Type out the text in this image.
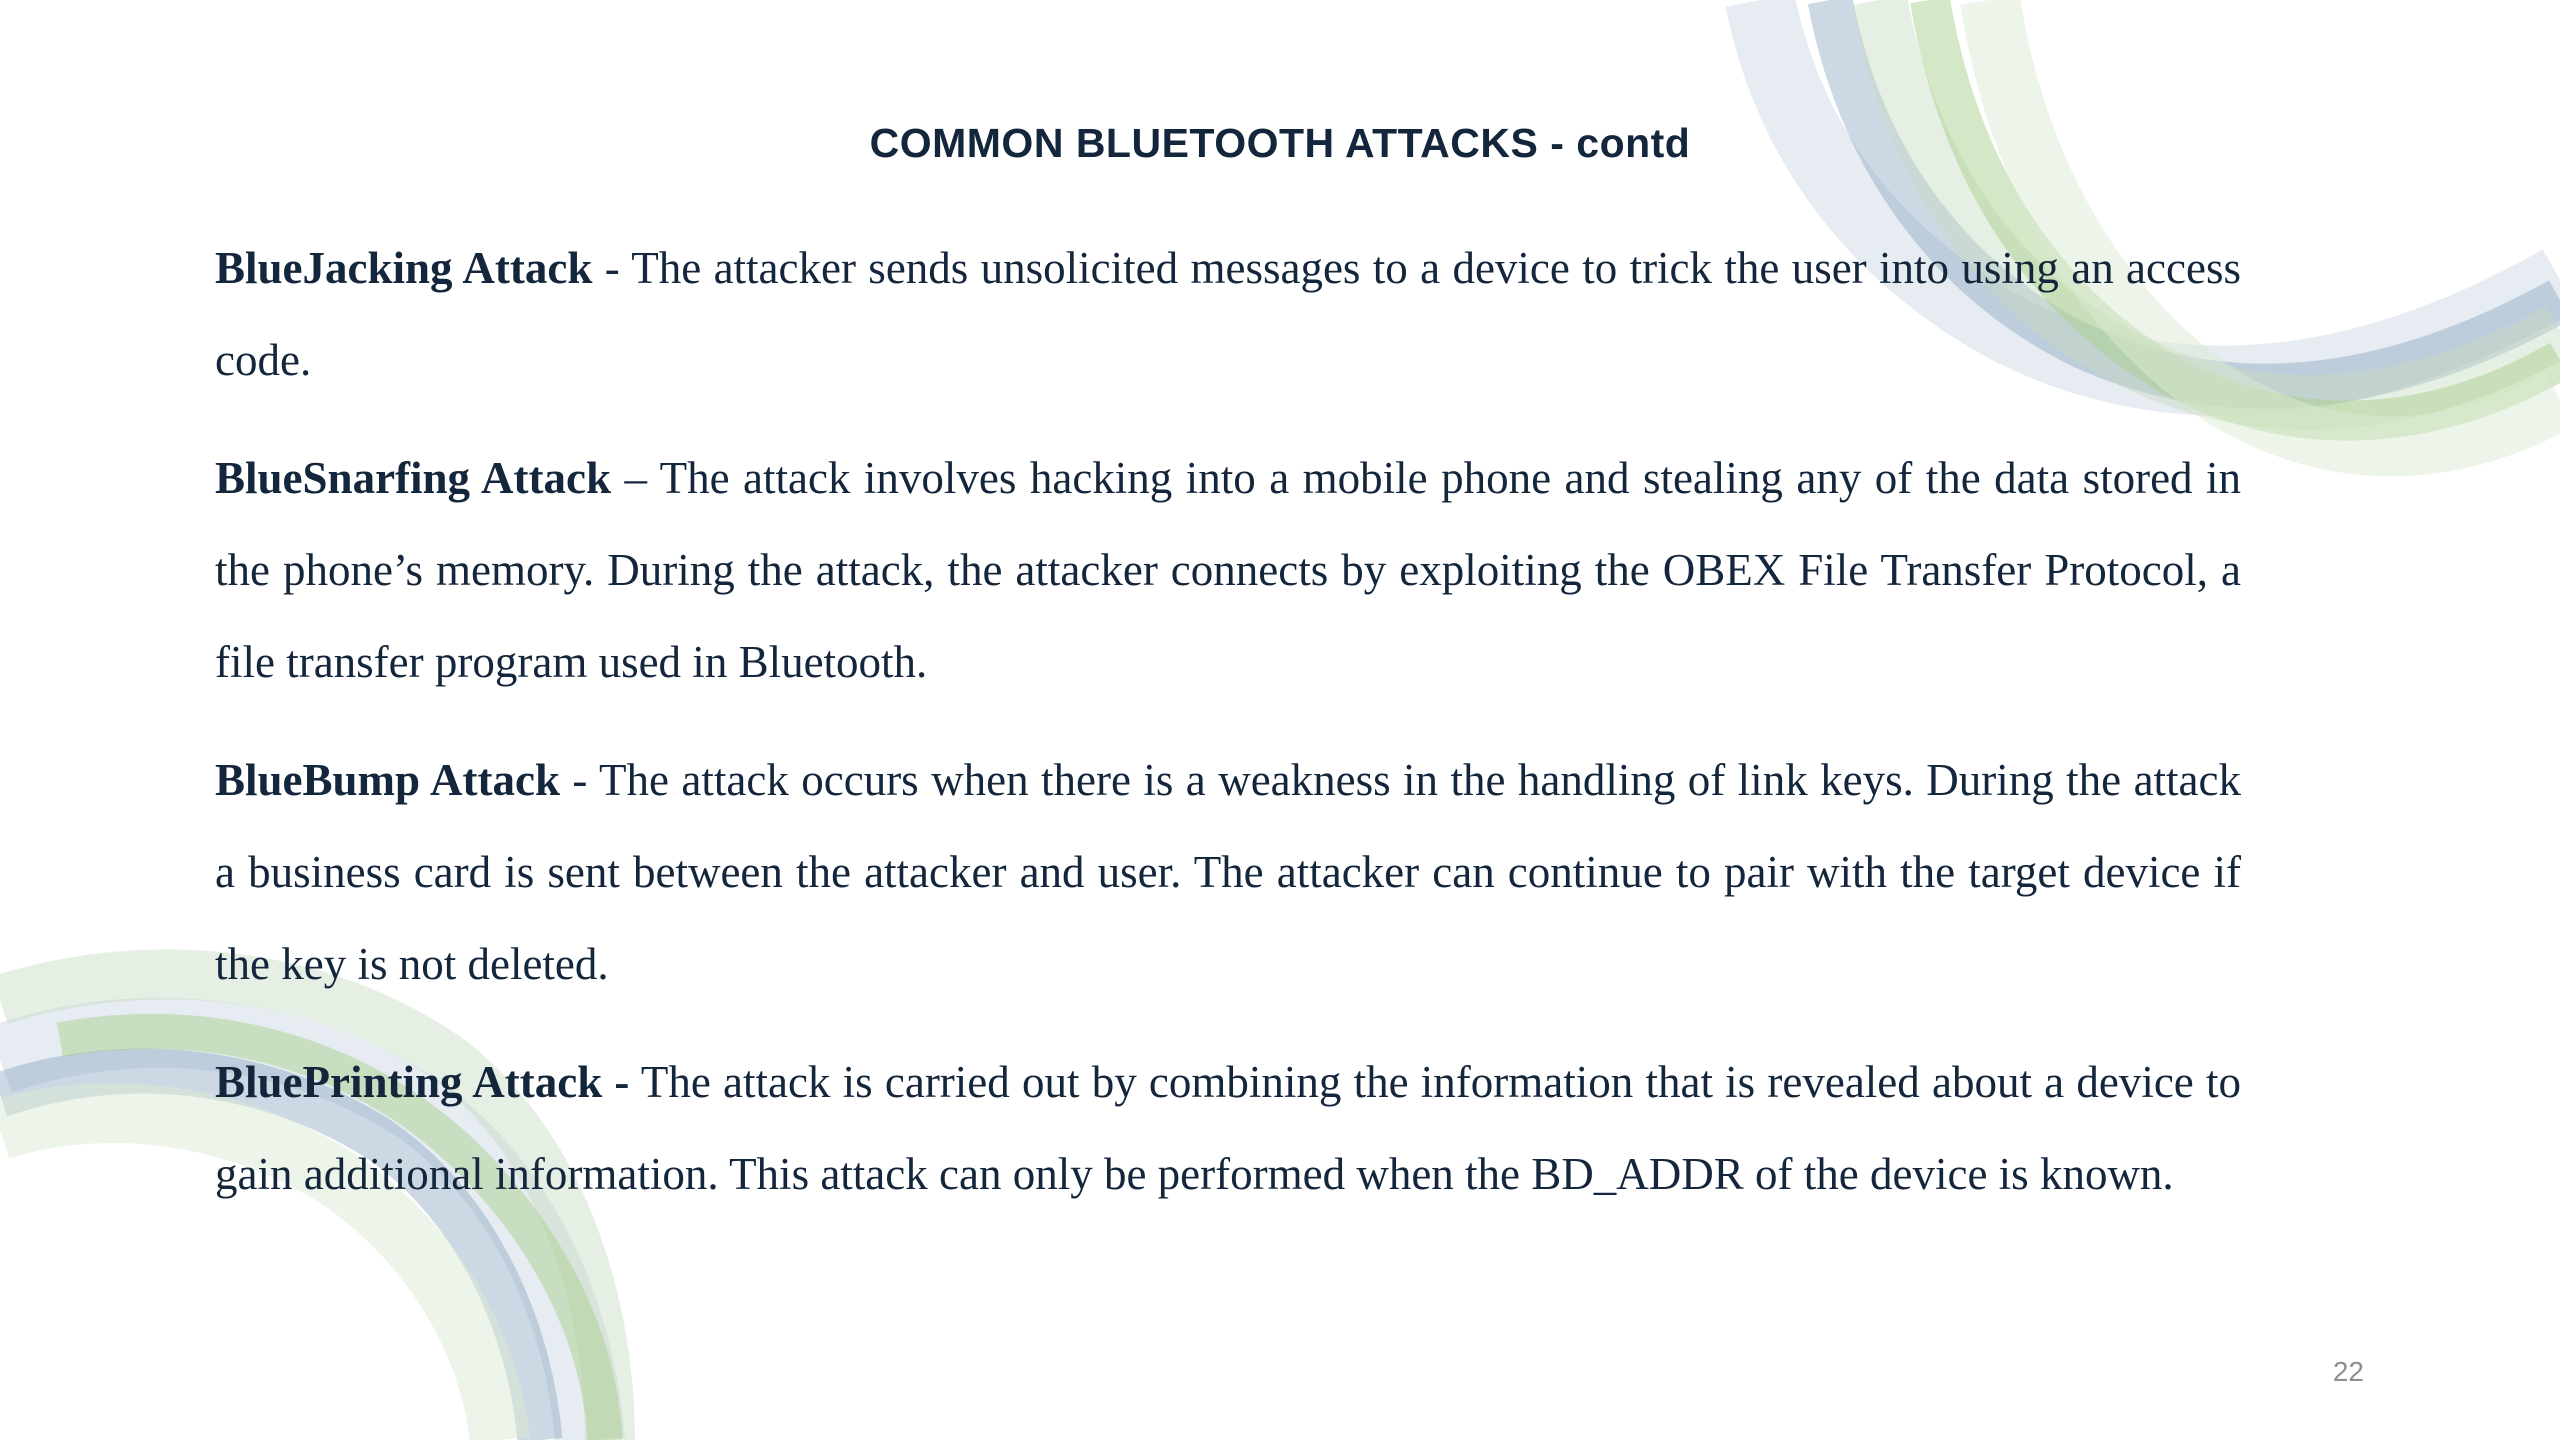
COMMON BLUETOOTH ATTACKS - contd

BlueJacking Attack - The attacker sends unsolicited messages to a device to trick the user into using an access code.

BlueSnarfing Attack – The attack involves hacking into a mobile phone and stealing any of the data stored in the phone’s memory. During the attack, the attacker connects by exploiting the OBEX File Transfer Protocol, a file transfer program used in Bluetooth.

BlueBump Attack - The attack occurs when there is a weakness in the handling of link keys. During the attack a business card is sent between the attacker and user. The attacker can continue to pair with the target device if the key is not deleted.

BluePrinting Attack - The attack is carried out by combining the information that is revealed about a device to gain additional information. This attack can only be performed when the BD_ADDR of the device is known.

22
